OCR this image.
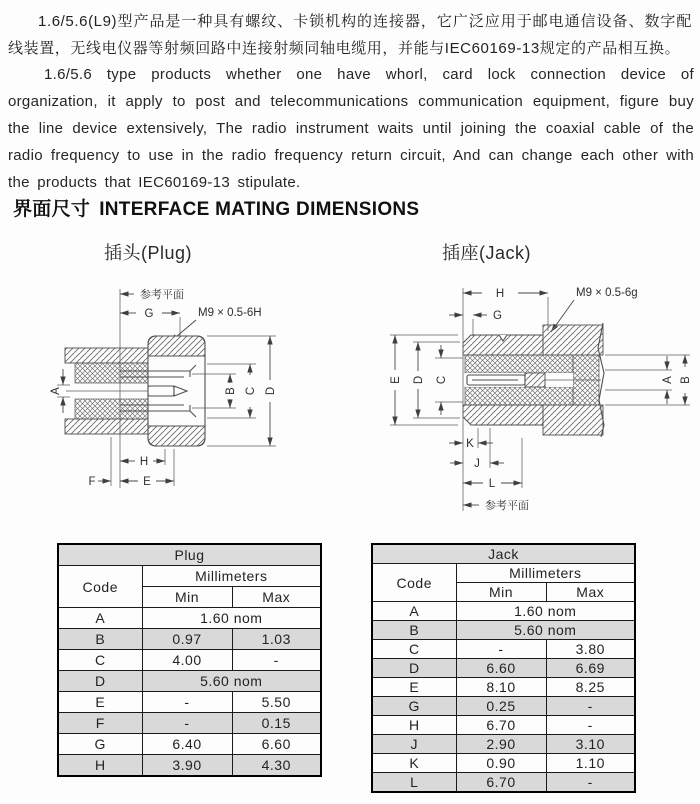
1.6/5.6(L9)型产品是一种具有螺纹、卡锁机构的连接器，它广泛应用于邮电通信设备、数字配线装置，无线电仪器等射频回路中连接射频同轴电缆用，并能与IEC60169-13规定的产品相互换。

1.6/5.6 type products whether one have whorl, card lock connection device of organization, it apply to post and telecommunications communication equipment, figure buy the line device extensively, The radio instrument waits until joining the coaxial cable of the radio frequency to use in the radio frequency return circuit, And can change each other with the products that IEC60169-13 stipulate.

界面尺寸 INTERFACE MATING DIMENSIONS
插头(Plug)	插座(Jack)
参考平面
G	M9 × 0.5-6H
A	B C D
H
F	E
H	M9 × 0.5-6g
G
E D C	A B
K
J
L
参考平面
Plug		
Code	Millimeters	
	Min	Max
A	1.60 nom	
B	0.97	1.03
C	4.00	-
D	5.60 nom	
E	-	5.50
F	-	0.15
G	6.40	6.60
H	3.90	4.30
Jack		
Code	Millimeters	
	Min	Max
A	1.60 nom	
B	5.60 nom	
C	-	3.80
D	6.60	6.69
E	8.10	8.25
G	0.25	-
H	6.70	-
J	2.90	3.10
K	0.90	1.10
L	6.70	-
